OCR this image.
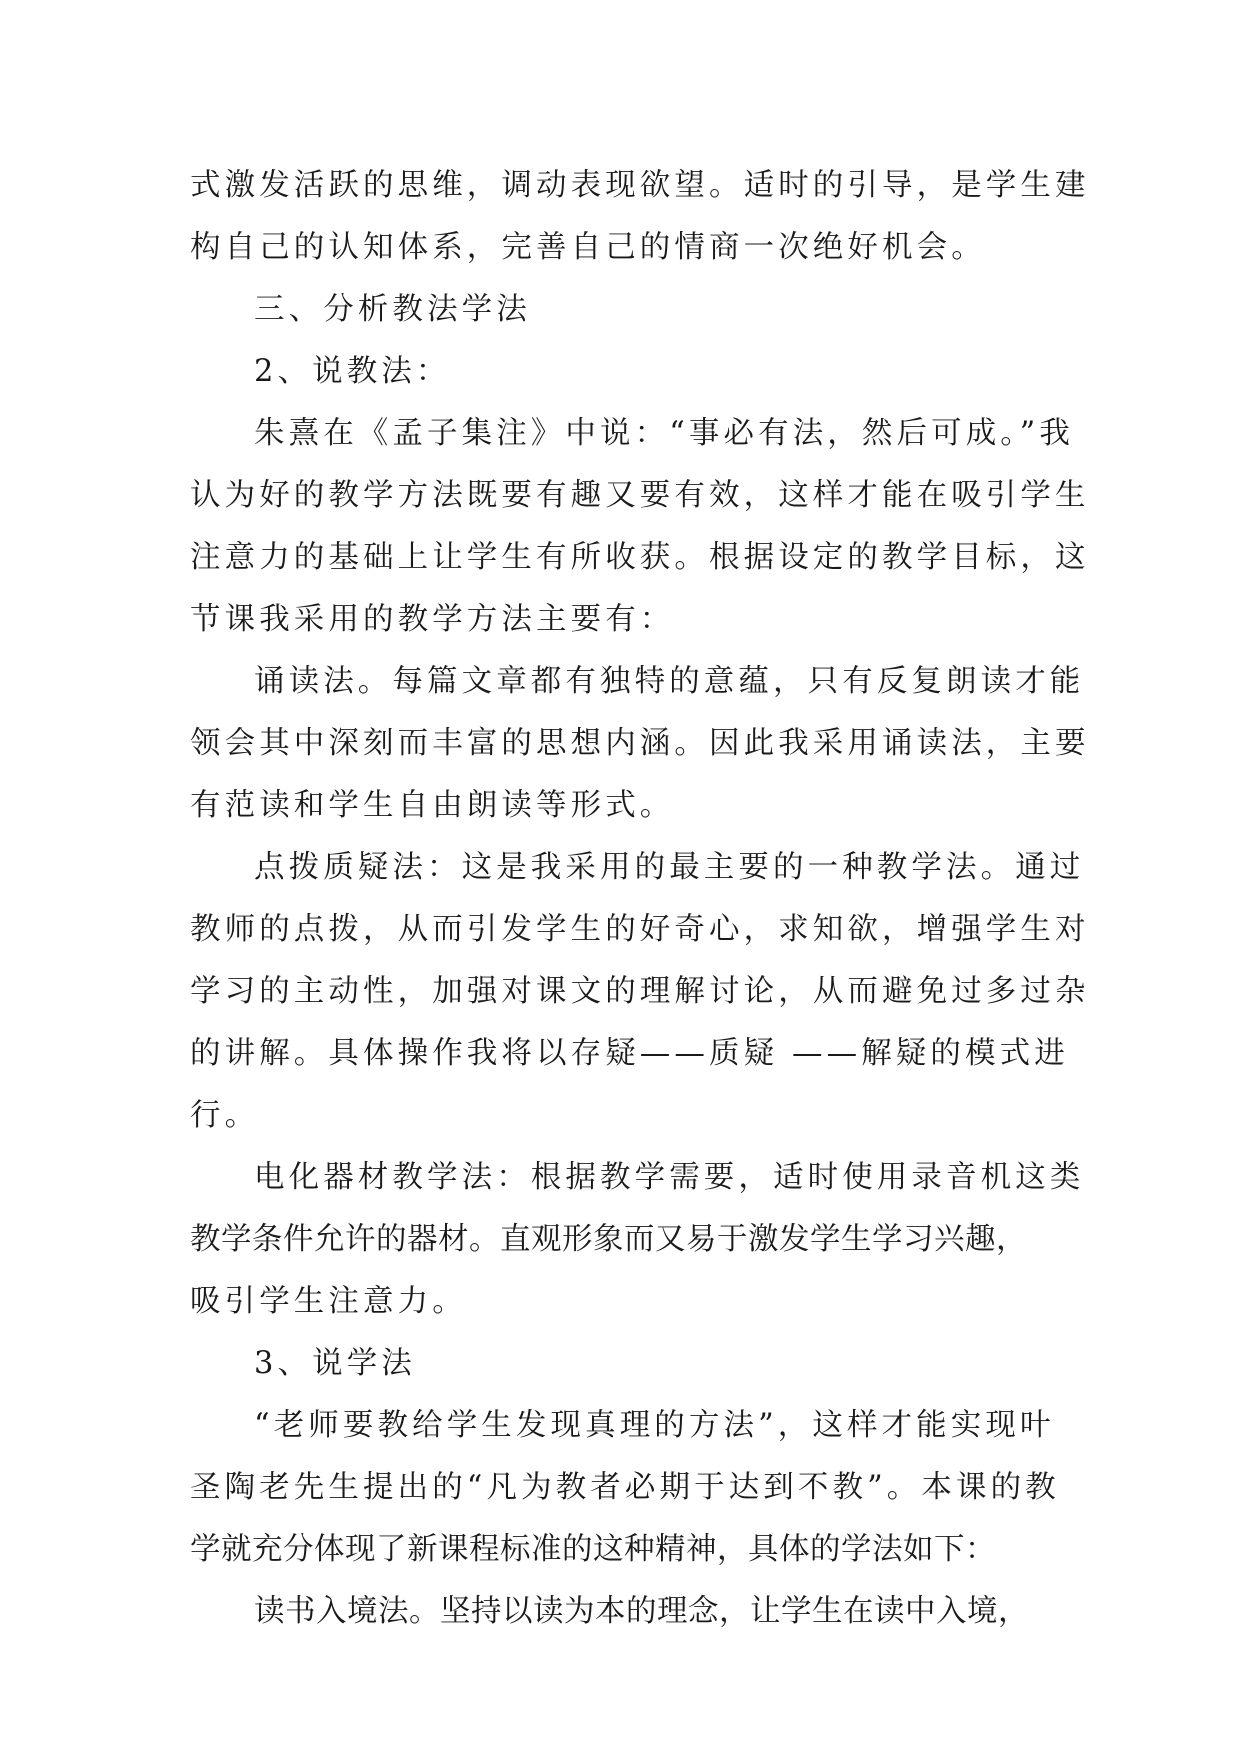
式激发活跃的思维，调动表现欲望。适时的引导，是学生建
构自己的认知体系，完善自己的情商一次绝好机会。
三、分析教法学法
2、说教法：
朱熹在《孟子集注》中说：“事必有法，然后可成。”我
认为好的教学方法既要有趣又要有效，这样才能在吸引学生
注意力的基础上让学生有所收获。根据设定的教学目标，这
节课我采用的教学方法主要有：
诵读法。每篇文章都有独特的意蕴，只有反复朗读才能
领会其中深刻而丰富的思想内涵。因此我采用诵读法，主要
有范读和学生自由朗读等形式。
点拨质疑法：这是我采用的最主要的一种教学法。通过
教师的点拨，从而引发学生的好奇心，求知欲，增强学生对
学习的主动性，加强对课文的理解讨论，从而避免过多过杂
的讲解。具体操作我将以存疑——质疑 ——解疑的模式进
行。
电化器材教学法：根据教学需要，适时使用录音机这类
教学条件允许的器材。直观形象而又易于激发学生学习兴趣，
吸引学生注意力。
3、说学法
“老师要教给学生发现真理的方法”，这样才能实现叶
圣陶老先生提出的“凡为教者必期于达到不教”。本课的教
学就充分体现了新课程标准的这种精神，具体的学法如下：
读书入境法。坚持以读为本的理念，让学生在读中入境，
